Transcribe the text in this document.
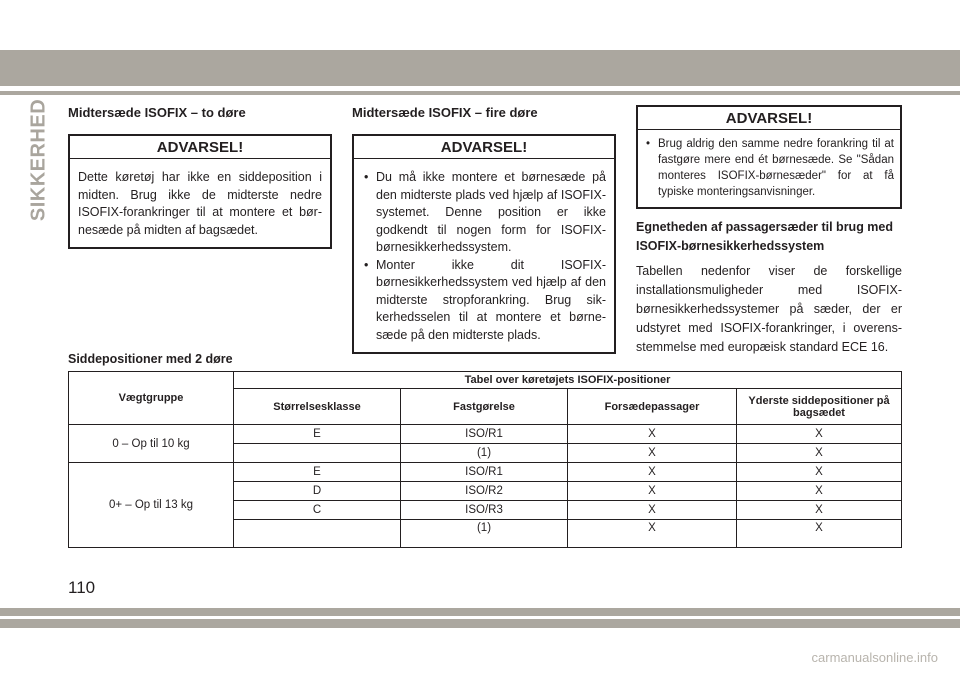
SIKKERHED Midtersæde ISOFIX – to døre
ADVARSEL!
Dette køretøj har ikke en siddeposition i midten. Brug ikke de midterste nedre ISOFIX-forankringer til at montere et bør-nesæde på midten af bagsædet.
Midtersæde ISOFIX – fire døre
ADVARSEL!
• Du må ikke montere et børnesæde på den midterste plads ved hjælp af ISOFIX-systemet. Denne position er ikke godkendt til nogen form for ISOFIX-børnesikkerhedssystem.
• Monter ikke dit ISOFIX-børnesikkerhedssystem ved hjælp af den midterste stropforankring. Brug sik-kerhedsselen til at montere et børne-sæde på den midterste plads.
ADVARSEL!
• Brug aldrig den samme nedre forankring til at fastgøre mere end ét børnesæde. Se "Sådan monteres ISOFIX-børnesæder" for at få typiske monteringsanvisninger.
Egnetheden af passagersæder til brug med ISOFIX-børnesikkerhedssystem
Tabellen nedenfor viser de forskellige installationsmuligheder med ISOFIX-børnesikkerhedssystemer på sæder, der er udstyret med ISOFIX-forankringer, i overens-stemmelse med europæisk standard ECE 16.
Siddepositioner med 2 døre
Vægtgruppe	Tabel over køretøjets ISOFIX-positioner			
	Størrelsesklasse	Fastgørelse	Forsædepassager	Yderste siddepositioner på bagsædet
0 – Op til 10 kg	E	ISO/R1	X	X
		(1)	X	X
0+ – Op til 13 kg	E	ISO/R1	X	X
	D	ISO/R2	X	X
	C	ISO/R3	X	X
		(1)	X	X
110
carmanualsonline.info
